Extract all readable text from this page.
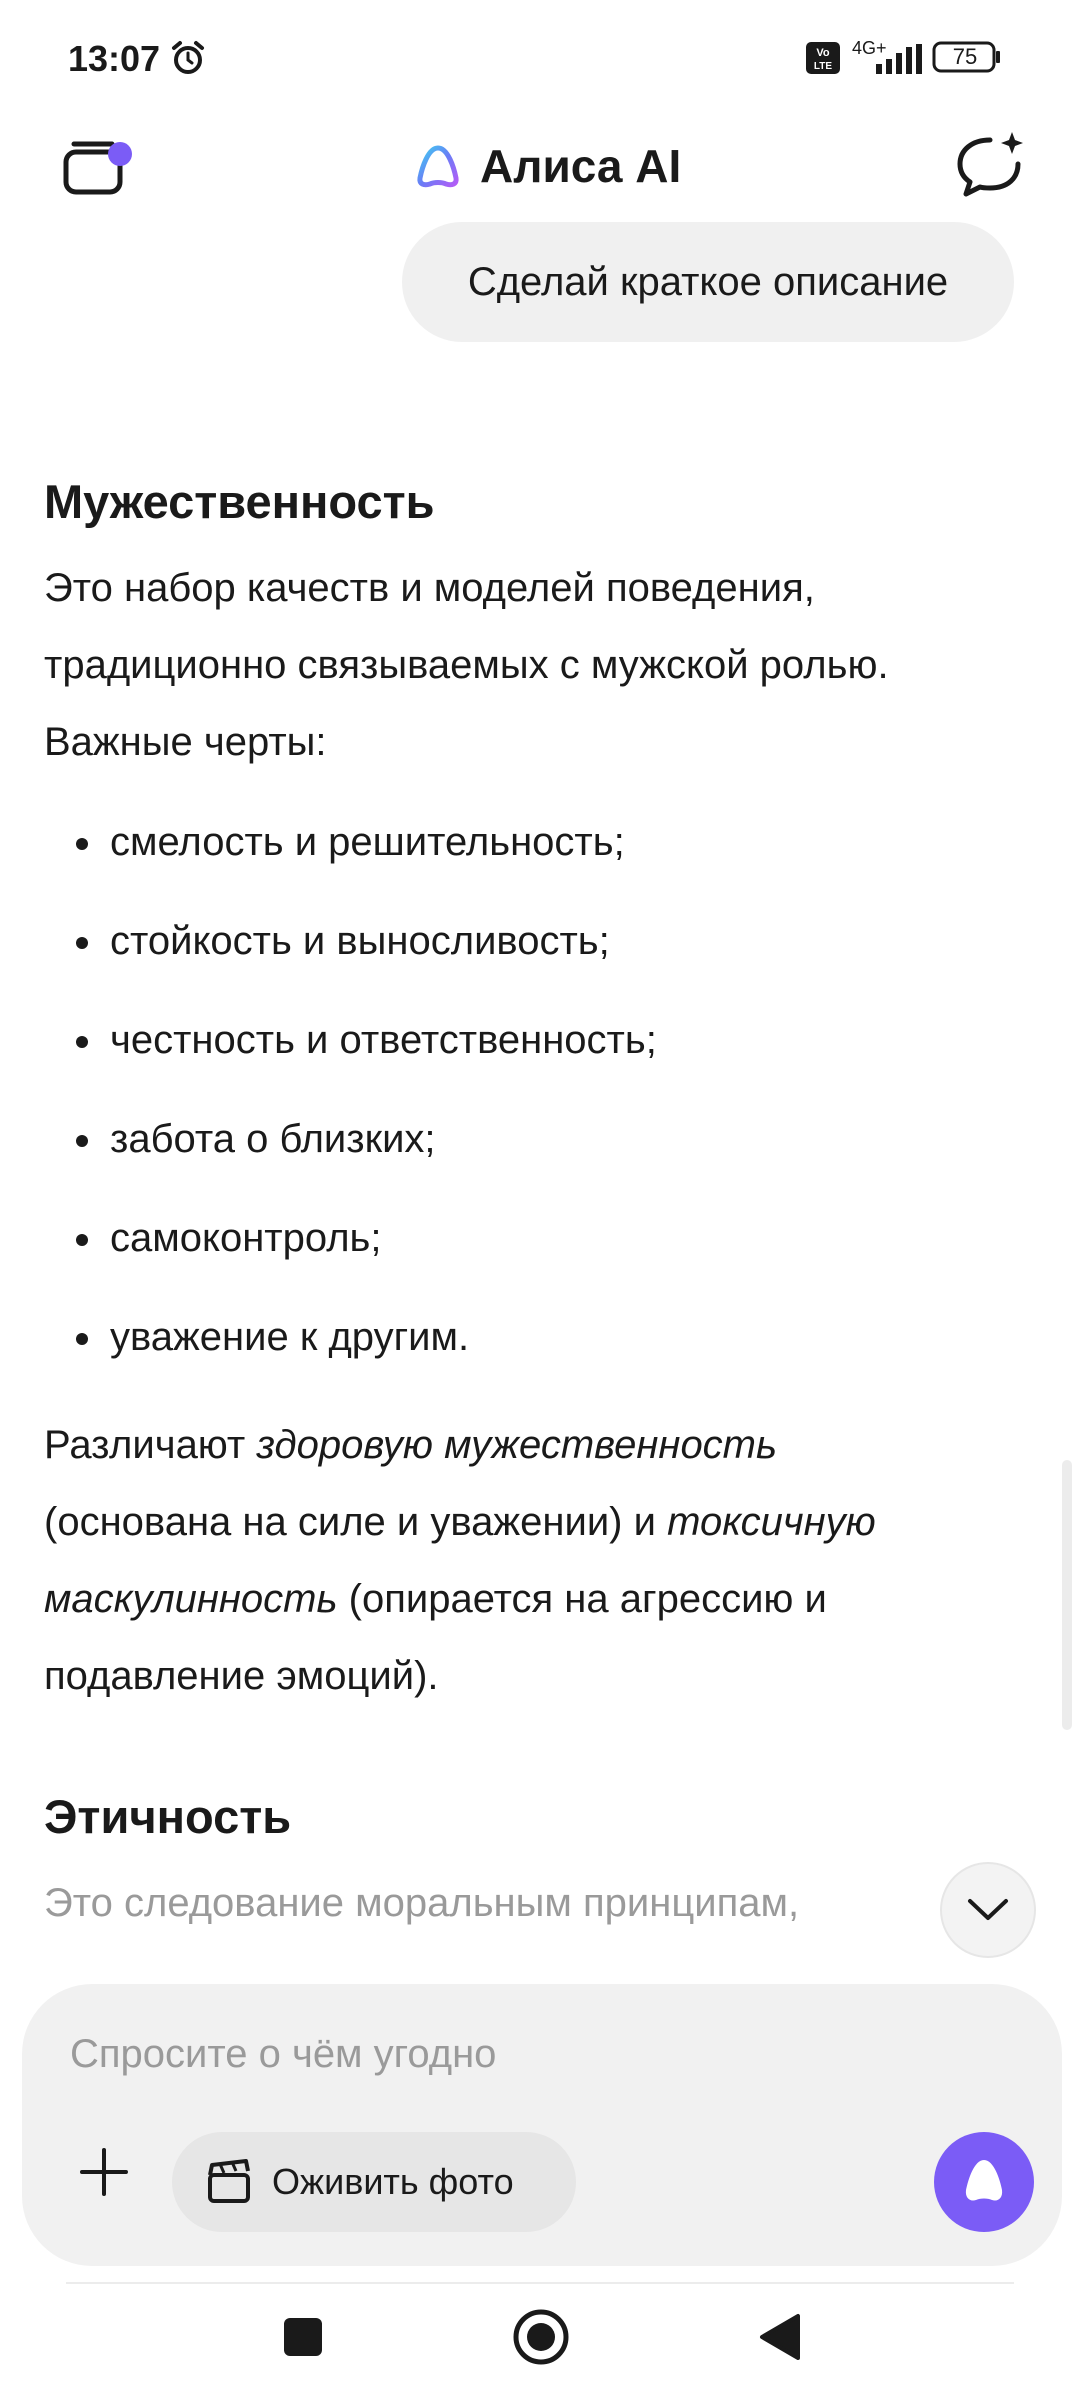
13:07	Vo
LTE
4G+	75
Алиса AI
Сделай краткое описание
Мужественность

Это набор качеств и моделей поведения, традиционно связываемых с мужской ролью. Важные черты:

смелость и решительность;
стойкость и выносливость;
честность и ответственность;
забота о близких;
самоконтроль;
уважение к другим.

Различают здоровую мужественность (основана на силе и уважении) и токсичную маскулинность (опирается на агрессию и подавление эмоций).

Этичность
Это следование моральным принципам,
Спросите о чём угодно
Оживить фото
